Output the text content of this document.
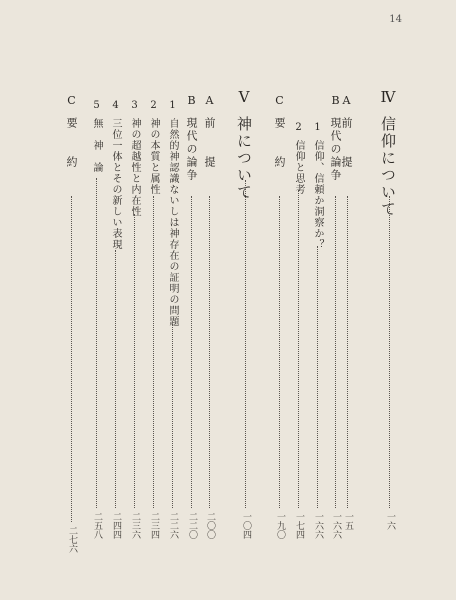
14
Ⅳ信仰について
一六
A前　　提
一五
B現代の論争
一六六
1信仰、信頼か洞察か？
一六六
2信仰と思考
一七四
C要　　約
一九〇
Ⅴ神について
一〇四
A前　　提
二〇〇
B現代の論争
二二〇
1自然的神認識ないしは神存在の証明の問題
二二六
2神の本質と属性
二三四
3神の超越性と内在性
二三六
4三位一体とその新しい表現
二四四
5無　神　論
二五八
C要　　約
二七六
